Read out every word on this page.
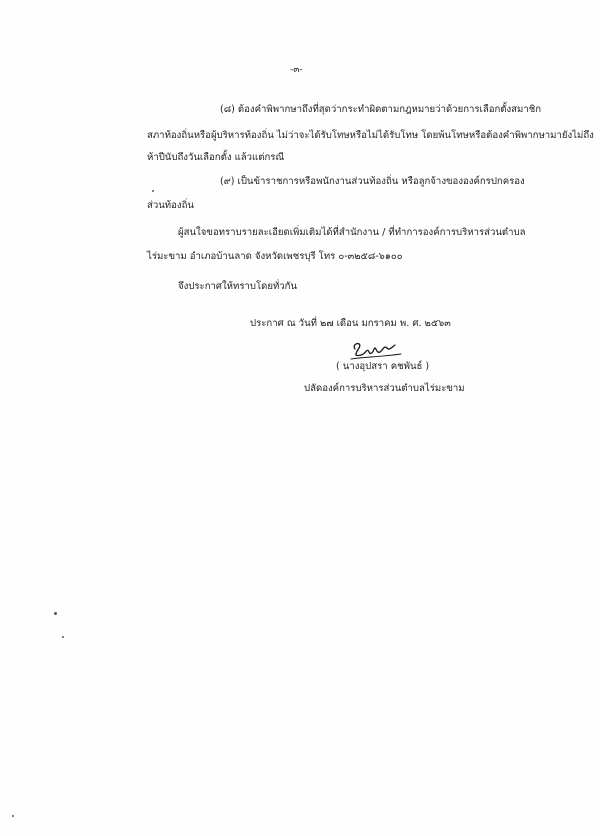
-๓-
(๘) ต้องคำพิพากษาถึงที่สุดว่ากระทำผิดตามกฎหมายว่าด้วยการเลือกตั้งสมาชิก
สภาท้องถิ่นหรือผู้บริหารท้องถิ่น ไม่ว่าจะได้รับโทษหรือไม่ได้รับโทษ โดยพ้นโทษหรือต้องคำพิพากษามายังไม่ถึง
ห้าปีนับถึงวันเลือกตั้ง แล้วแต่กรณี
(๙) เป็นข้าราชการหรือพนักงานส่วนท้องถิ่น หรือลูกจ้างขององค์กรปกครอง
ส่วนท้องถิ่น
ผู้สนใจขอทราบรายละเอียดเพิ่มเติมได้ที่สำนักงาน / ที่ทำการองค์การบริหารส่วนตำบล
ไร่มะขาม อำเภอบ้านลาด จังหวัดเพชรบุรี โทร ๐-๓๒๕๘-๖๑๐๐
จึงประกาศให้ทราบโดยทั่วกัน
ประกาศ ณ วันที่ ๒๗ เดือน มกราคม พ. ศ. ๒๕๖๓
( นางอุปสรา คชพันธ์ )
ปลัดองค์การบริหารส่วนตำบลไร่มะขาม
